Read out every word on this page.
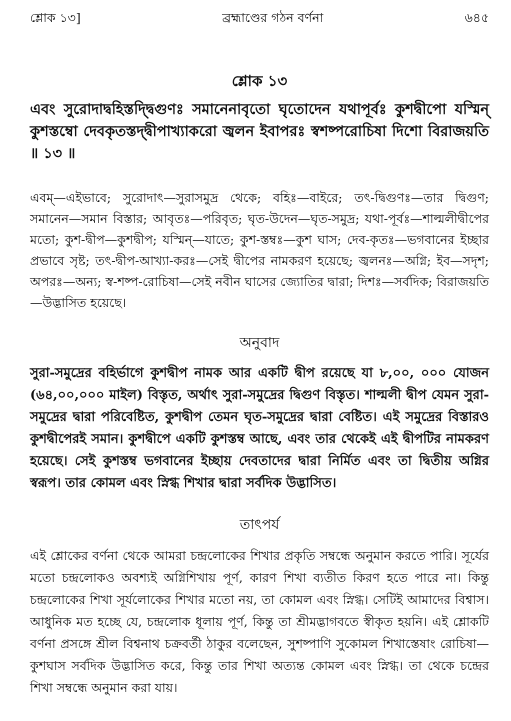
শ্লোক ১৩]	ব্রহ্মাণ্ডের গঠন বর্ণনা	৬৪৫
শ্লোক ১৩

এবং সুরোদাদ্বহিস্তদ্দ্বিগুণঃ সমানেনাবৃতো ঘৃতোদেন যথাপূর্বঃ কুশদ্বীপো যস্মিন্ কুশস্তম্বো দেবকৃতস্তদ্দ্বীপাখ্যাকরো জ্বলন ইবাপরঃ স্বশষ্পরোচিষা দিশো বিরাজয়তি ॥ ১৩ ॥

এবম্—এইভাবে; সুরোদাৎ—সুরাসমুদ্র থেকে; বহিঃ—বাইরে; তৎ-দ্বিগুণঃ—তার দ্বিগুণ; সমানেন—সমান বিস্তার; আবৃতঃ—পরিবৃত; ঘৃত-উদেন—ঘৃত-সমুদ্র; যথা-পূর্বঃ—শাল্মলীদ্বীপের মতো; কুশ-দ্বীপ—কুশদ্বীপ; যস্মিন্—যাতে; কুশ-স্তম্বঃ—কুশ ঘাস; দেব-কৃতঃ—ভগবানের ইচ্ছার প্রভাবে সৃষ্ট; তৎ-দ্বীপ-আখ্যা-করঃ—সেই দ্বীপের নামকরণ হয়েছে; জ্বলনঃ—অগ্নি; ইব—সদৃশ; অপরঃ—অন্য; স্ব-শষ্প-রোচিষা—সেই নবীন ঘাসের জ্যোতির দ্বারা; দিশঃ—সর্বদিক; বিরাজয়তি—উদ্ভাসিত হয়েছে।

অনুবাদ

সুরা-সমুদ্রের বহির্ভাগে কুশদ্বীপ নামক আর একটি দ্বীপ রয়েছে যা ৮,০০, ০০০ যোজন (৬৪,০০,০০০ মাইল) বিস্তৃত, অর্থাৎ সুরা-সমুদ্রের দ্বিগুণ বিস্তৃত। শাল্মলী দ্বীপ যেমন সুরা-সমুদ্রের দ্বারা পরিবেষ্টিত, কুশদ্বীপ তেমন ঘৃত-সমুদ্রের দ্বারা বেষ্টিত। এই সমুদ্রের বিস্তারও কুশদ্বীপেরই সমান। কুশদ্বীপে একটি কুশস্তম্ব আছে, এবং তার থেকেই এই দ্বীপটির নামকরণ হয়েছে। সেই কুশস্তম্ব ভগবানের ইচ্ছায় দেবতাদের দ্বারা নির্মিত এবং তা দ্বিতীয় অগ্নির স্বরূপ। তার কোমল এবং স্নিগ্ধ শিখার দ্বারা সর্বদিক উদ্ভাসিত।

তাৎপর্য

এই শ্লোকের বর্ণনা থেকে আমরা চন্দ্রলোকের শিখার প্রকৃতি সম্বন্ধে অনুমান করতে পারি। সূর্যের মতো চন্দ্রলোকও অবশ্যই অগ্নিশিখায় পূর্ণ, কারণ শিখা ব্যতীত কিরণ হতে পারে না। কিন্তু চন্দ্রলোকের শিখা সূর্যলোকের শিখার মতো নয়, তা কোমল এবং স্নিগ্ধ। সেটিই আমাদের বিশ্বাস। আধুনিক মত হচ্ছে যে, চন্দ্রলোক ধূলায় পূর্ণ, কিন্তু তা শ্রীমদ্ভাগবতে স্বীকৃত হয়নি। এই শ্লোকটি বর্ণনা প্রসঙ্গে শ্রীল বিশ্বনাথ চক্রবর্তী ঠাকুর বলেছেন, সুশষ্পাণি সুকোমল শিখাস্তেষাং রোচিষা—কুশঘাস সর্বদিক উদ্ভাসিত করে, কিন্তু তার শিখা অত্যন্ত কোমল এবং স্নিগ্ধ। তা থেকে চন্দ্রের শিখা সম্বন্ধে অনুমান করা যায়।
